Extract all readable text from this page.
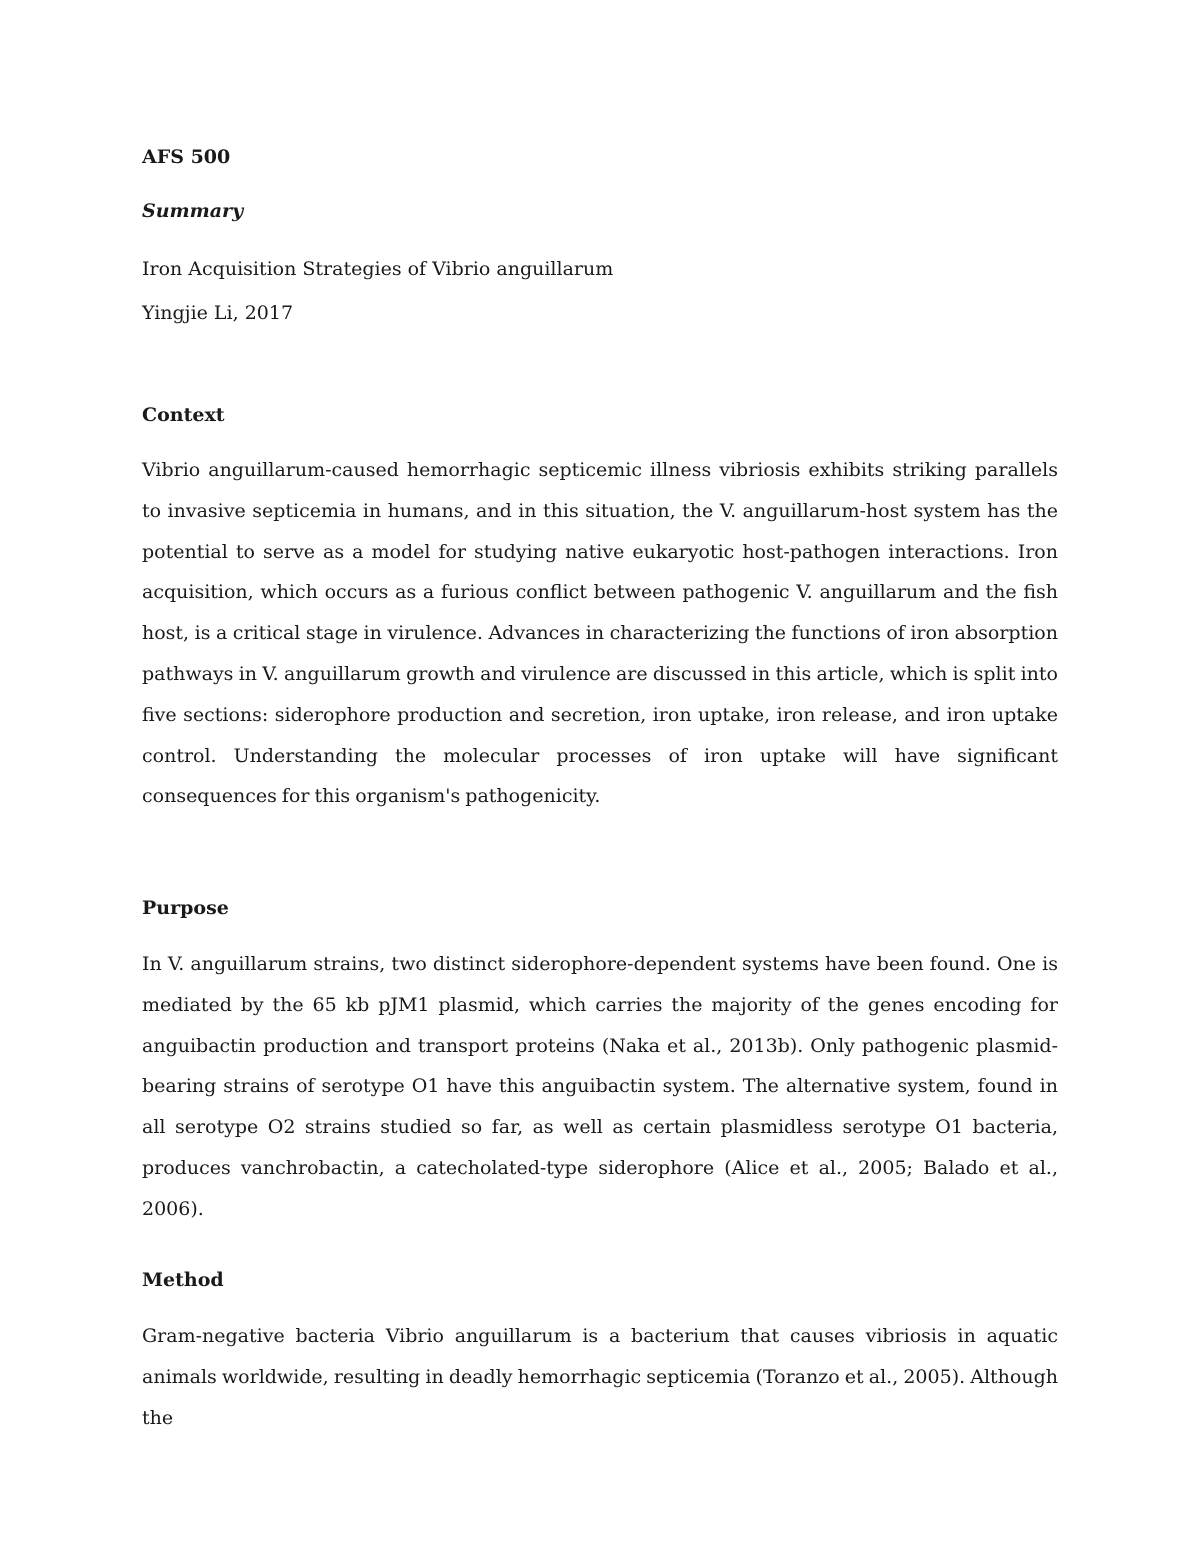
AFS 500
Summary
Iron Acquisition Strategies of Vibrio anguillarum
Yingjie Li, 2017
Context

Vibrio anguillarum-caused hemorrhagic septicemic illness vibriosis exhibits striking parallels to invasive septicemia in humans, and in this situation, the V. anguillarum-host system has the potential to serve as a model for studying native eukaryotic host-pathogen interactions. Iron acquisition, which occurs as a furious conflict between pathogenic V. anguillarum and the fish host, is a critical stage in virulence. Advances in characterizing the functions of iron absorption pathways in V. anguillarum growth and virulence are discussed in this article, which is split into five sections: siderophore production and secretion, iron uptake, iron release, and iron uptake control. Understanding the molecular processes of iron uptake will have significant consequences for this organism's pathogenicity.

Purpose

In V. anguillarum strains, two distinct siderophore-dependent systems have been found. One is mediated by the 65 kb pJM1 plasmid, which carries the majority of the genes encoding for anguibactin production and transport proteins (Naka et al., 2013b). Only pathogenic plasmid-bearing strains of serotype O1 have this anguibactin system. The alternative system, found in all serotype O2 strains studied so far, as well as certain plasmidless serotype O1 bacteria, produces vanchrobactin, a catecholated-type siderophore (Alice et al., 2005; Balado et al., 2006).

Method

Gram-negative bacteria Vibrio anguillarum is a bacterium that causes vibriosis in aquatic animals worldwide, resulting in deadly hemorrhagic septicemia (Toranzo et al., 2005). Although the
